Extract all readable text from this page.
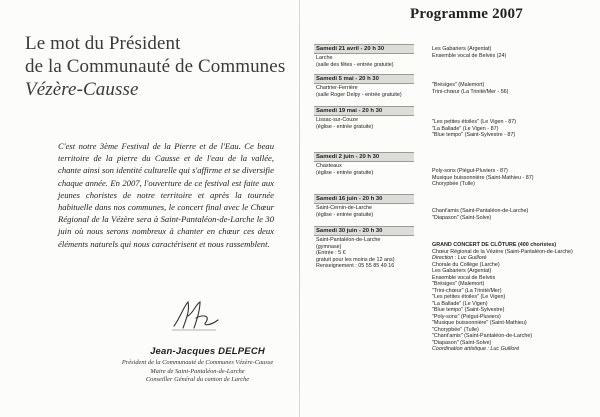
Le mot du Président
de la Communauté de Communes
Vézère-Causse

C'est notre 3ème Festival de la Pierre et de l'Eau. Ce beau territoire de la pierre du Causse et de l'eau de la vallée, chante ainsi son identité culturelle qui s'affirme et se diversifie chaque année. En 2007, l'ouverture de ce festival est faite aux jeunes choristes de notre territoire et après la tournée habituelle dans nos communes, le concert final avec le Chœur Régional de la Vézère sera à Saint-Pantaléon-de-Larche le 30 juin où nous serons nombreux à chanter en chœur ces deux éléments naturels qui nous caractérisent et nous rassemblent.

Jean-Jacques DELPECH
Président de la Communauté de Communes Vézère-Causse
Maire de Saint-Pantaléon-de-Larche
Conseiller Général du canton de Larche
Programme 2007
Samedi 21 avril - 20 h 30
Larche
(salle des fêtes - entrée gratuite)
Les Gabariers (Argentat)
Ensemble vocal de Belvès (24)
Samedi 5 mai - 20 h 30
Chartrier-Ferrière
(salle Roger Delpy - entrée gratuite)
"Brésiges" (Malemort)
Trini-chœur (La Trinité/Mer - 56)
Samedi 19 mai - 20 h 30
Lissac-sur-Couze
(église - entrée gratuite)
"Les petites étoiles" (Le Vigen - 87)
"La Ballade" (Le Vigen - 87)
"Blue tempo" (Saint-Sylvestre - 87)
Samedi 2 juin - 20 h 30
Chasteaux
(église - entrée gratuite)	Poly-sons (Piégut-Pluviers - 87)
Musique buissonnière (Saint-Mathieu - 87)
Chorypbée (Tulle)
Samedi 16 juin - 20 h 30
Saint-Cernin-de-Larche
(église - entrée gratuite)
Chant'amis (Saint-Pantaléon-de-Larche)
"Diapason" (Saint-Solve)
Samedi 30 juin - 20 h 30
Saint-Pantaléon-de-Larche
(gymnase)
(Entrée : 5 €
gratuit pour les moins de 12 ans)
Renseignement : 05 55 85 49 16
GRAND CONCERT DE CLÔTURE (400 choristes)
Chœur Régional de la Vézère (Saint-Pantaléon-de-Larche)
Direction : Luc Guilloré
Chorale du Collège (Larche)
Les Gabariers (Argentat)
Ensemble vocal de Belvès
"Brésiges" (Malemort)
"Trini-chœur" (La Trinité/Mer)
"Les petites étoiles" (Le Vigen)
"La Ballade" (Le Vigen)
"Blue tempo" (Saint-Sylvestre)
"Poly-sons" (Piégut-Pluviers)
"Musique buissonnière" (Saint-Mathieu)
"Chorypbée" (Tulle)
"Chant'amis" (Saint-Pantaléon-de-Larche)
"Diapason" (Saint-Solve)
Coordination artistique : Luc Guilloré
